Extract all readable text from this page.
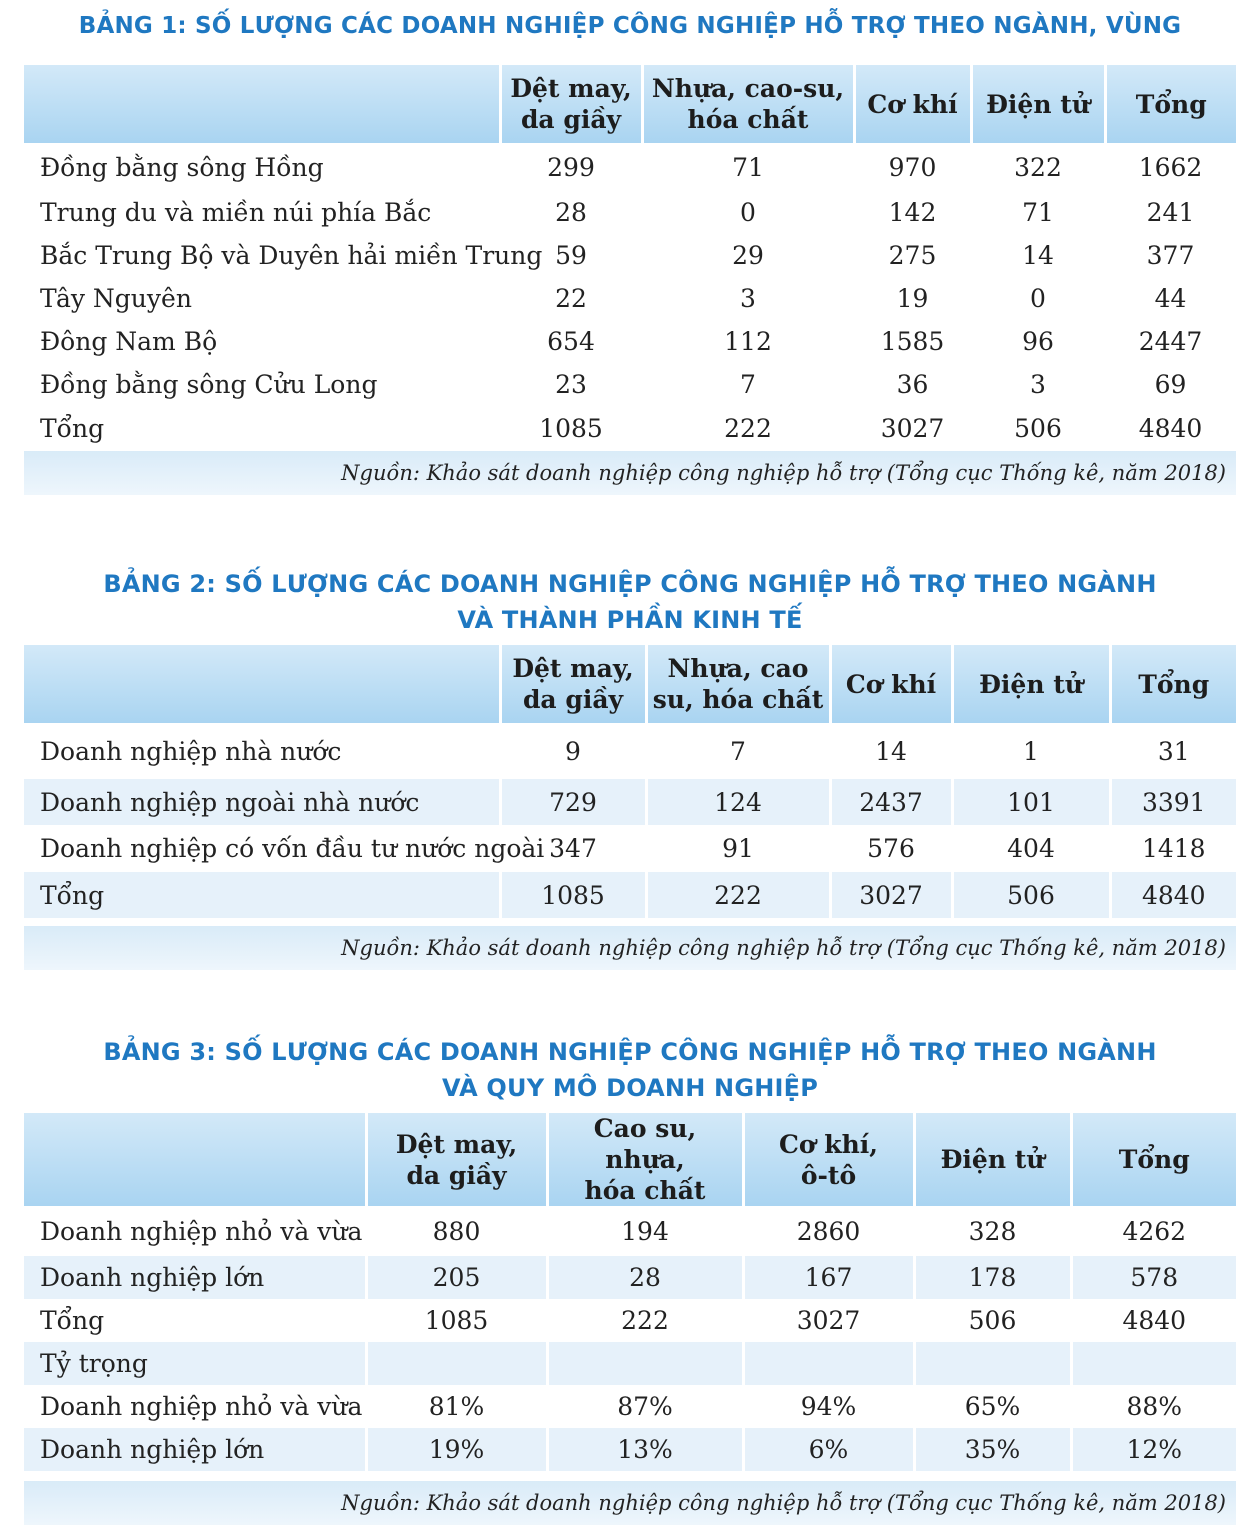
BẢNG 1: SỐ LƯỢNG CÁC DOANH NGHIỆP CÔNG NGHIỆP HỖ TRỢ THEO NGÀNH, VÙNG
	Dệt may,
da giầy	Nhựa, cao-su,
hóa chất	Cơ khí	Điện tử	Tổng
Đồng bằng sông Hồng	299	71	970	322	1662
Trung du và miền núi phía Bắc	28	0	142	71	241
Bắc Trung Bộ và Duyên hải miền Trung	59	29	275	14	377
Tây Nguyên	22	3	19	0	44
Đông Nam Bộ	654	112	1585	96	2447
Đồng bằng sông Cửu Long	23	7	36	3	69
Tổng	1085	222	3027	506	4840
Nguồn: Khảo sát doanh nghiệp công nghiệp hỗ trợ (Tổng cục Thống kê, năm 2018)
BẢNG 2: SỐ LƯỢNG CÁC DOANH NGHIỆP CÔNG NGHIỆP HỖ TRỢ THEO NGÀNH
VÀ THÀNH PHẦN KINH TẾ
	Dệt may,
da giầy	Nhựa, cao
su, hóa chất	Cơ khí	Điện tử	Tổng
Doanh nghiệp nhà nước	9	7	14	1	31
Doanh nghiệp ngoài nhà nước	729	124	2437	101	3391
Doanh nghiệp có vốn đầu tư nước ngoài	347	91	576	404	1418
Tổng	1085	222	3027	506	4840
Nguồn: Khảo sát doanh nghiệp công nghiệp hỗ trợ (Tổng cục Thống kê, năm 2018)
BẢNG 3: SỐ LƯỢNG CÁC DOANH NGHIỆP CÔNG NGHIỆP HỖ TRỢ THEO NGÀNH
VÀ QUY MÔ DOANH NGHIỆP
	Dệt may,
da giầy	Cao su, nhựa,
hóa chất	Cơ khí,
ô-tô	Điện tử	Tổng
Doanh nghiệp nhỏ và vừa	880	194	2860	328	4262
Doanh nghiệp lớn	205	28	167	178	578
Tổng	1085	222	3027	506	4840
Tỷ trọng					
Doanh nghiệp nhỏ và vừa	81%	87%	94%	65%	88%
Doanh nghiệp lớn	19%	13%	6%	35%	12%
Nguồn: Khảo sát doanh nghiệp công nghiệp hỗ trợ (Tổng cục Thống kê, năm 2018)
